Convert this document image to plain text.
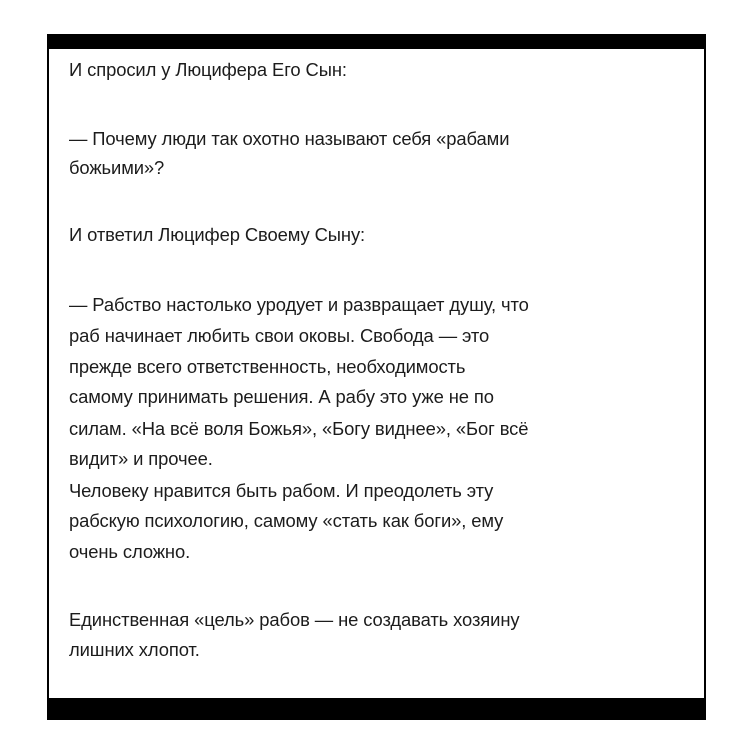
И спросил у Люцифера Его Сын:

— Почему люди так охотно называют себя «рабами

божьими»?

И ответил Люцифер Своему Сыну:

— Рабство настолько уродует и развращает душу, что

раб начинает любить свои оковы. Свобода — это

прежде всего ответственность, необходимость

самому принимать решения. А рабу это уже не по

силам. «На всё воля Божья», «Богу виднее», «Бог всё

видит» и прочее.

Человеку нравится быть рабом. И преодолеть эту

рабскую психологию, самому «стать как боги», ему

очень сложно.

Единственная «цель» рабов — не создавать хозяину

лишних хлопот.
